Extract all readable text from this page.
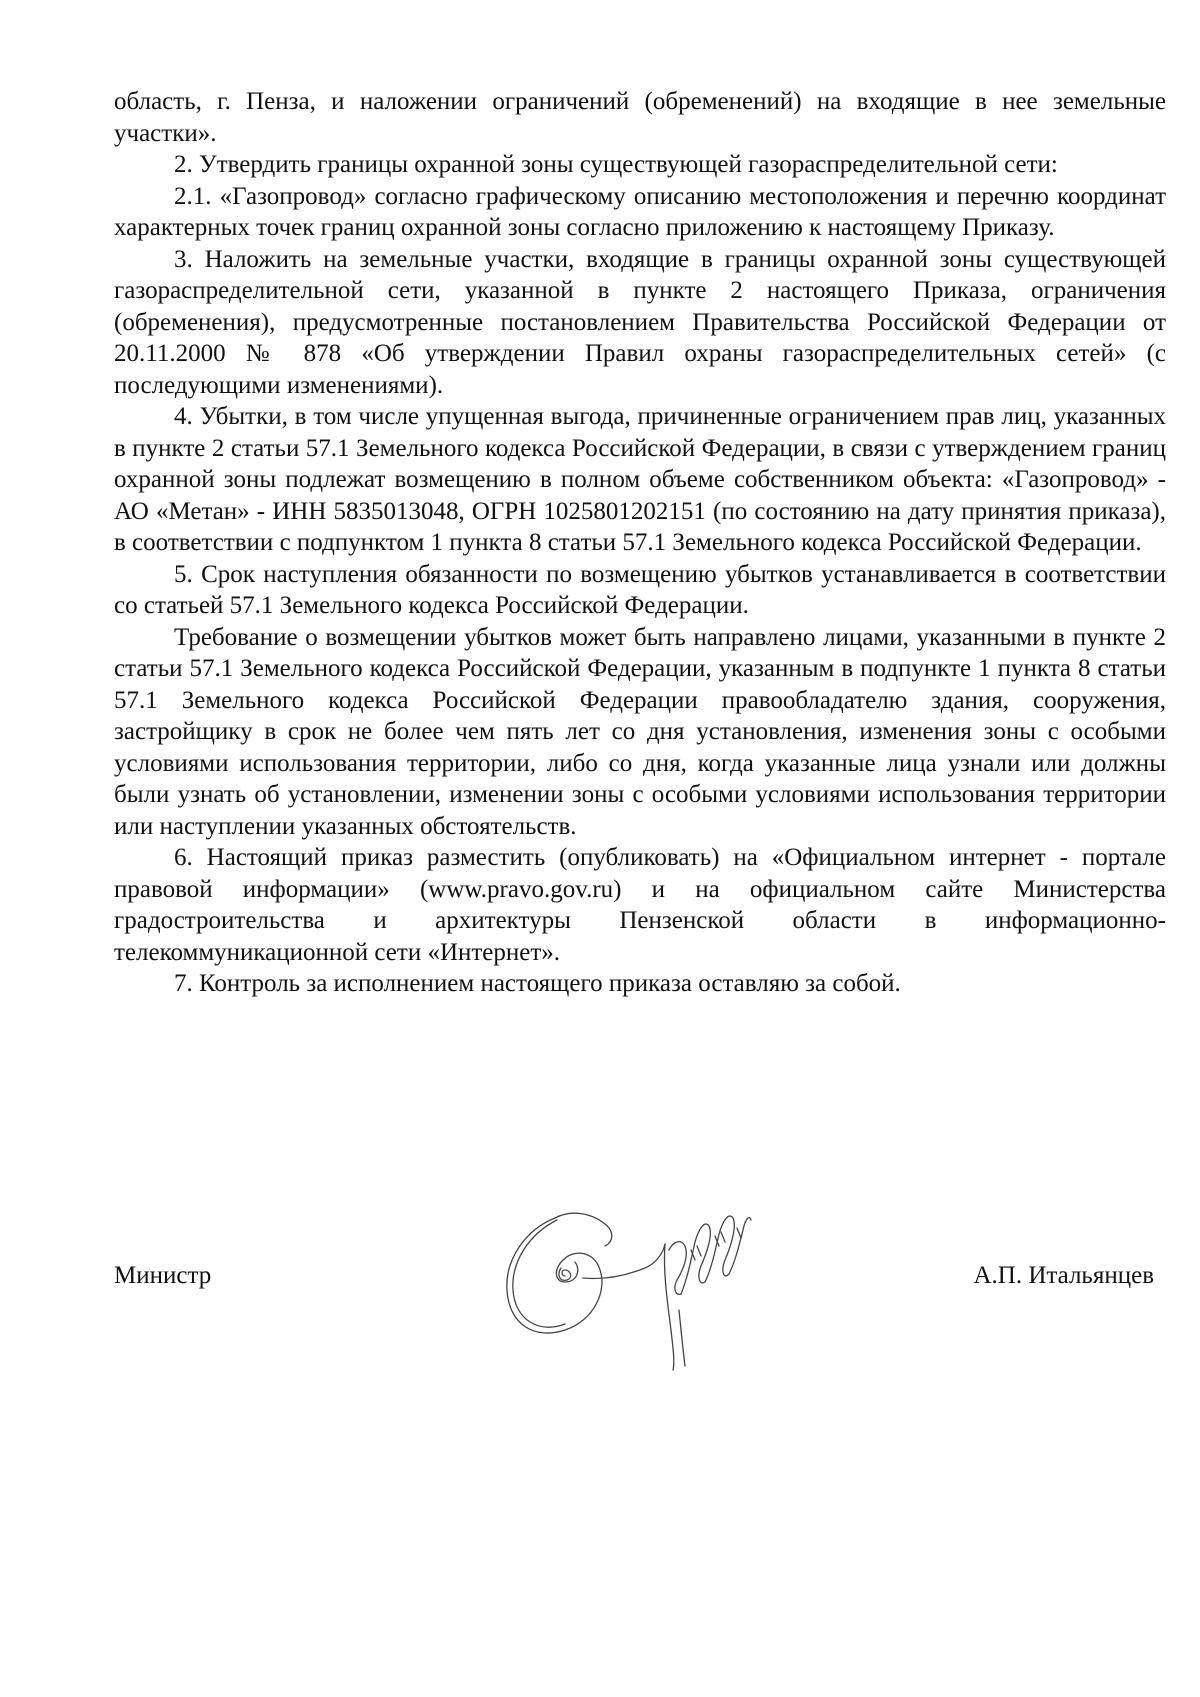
область, г. Пенза, и наложении ограничений (обременений) на входящие в нее земельные участки».

2. Утвердить границы охранной зоны существующей газораспределительной сети:

2.1. «Газопровод» согласно графическому описанию местоположения и перечню координат характерных точек границ охранной зоны согласно приложению к настоящему Приказу.

3. Наложить на земельные участки, входящие в границы охранной зоны существующей газораспределительной сети, указанной в пункте 2 настоящего Приказа, ограничения (обременения), предусмотренные постановлением Правительства Российской Федерации от 20.11.2000 № 878 «Об утверждении Правил охраны газораспределительных сетей» (с последующими изменениями).

4. Убытки, в том числе упущенная выгода, причиненные ограничением прав лиц, указанных в пункте 2 статьи 57.1 Земельного кодекса Российской Федерации, в связи с утверждением границ охранной зоны подлежат возмещению в полном объеме собственником объекта: «Газопровод» - АО «Метан» - ИНН 5835013048, ОГРН 1025801202151 (по состоянию на дату принятия приказа), в соответствии с подпунктом 1 пункта 8 статьи 57.1 Земельного кодекса Российской Федерации.

5. Срок наступления обязанности по возмещению убытков устанавливается в соответствии со статьей 57.1 Земельного кодекса Российской Федерации.

Требование о возмещении убытков может быть направлено лицами, указанными в пункте 2 статьи 57.1 Земельного кодекса Российской Федерации, указанным в подпункте 1 пункта 8 статьи 57.1 Земельного кодекса Российской Федерации правообладателю здания, сооружения, застройщику в срок не более чем пять лет со дня установления, изменения зоны с особыми условиями использования территории, либо со дня, когда указанные лица узнали или должны были узнать об установлении, изменении зоны с особыми условиями использования территории или наступлении указанных обстоятельств.

6. Настоящий приказ разместить (опубликовать) на «Официальном интернет - портале правовой информации» (www.pravo.gov.ru) и на официальном сайте Министерства градостроительства и архитектуры Пензенской области в информационно-телекоммуникационной сети «Интернет».

7. Контроль за исполнением настоящего приказа оставляю за собой.

Министр	А.П. Итальянцев
